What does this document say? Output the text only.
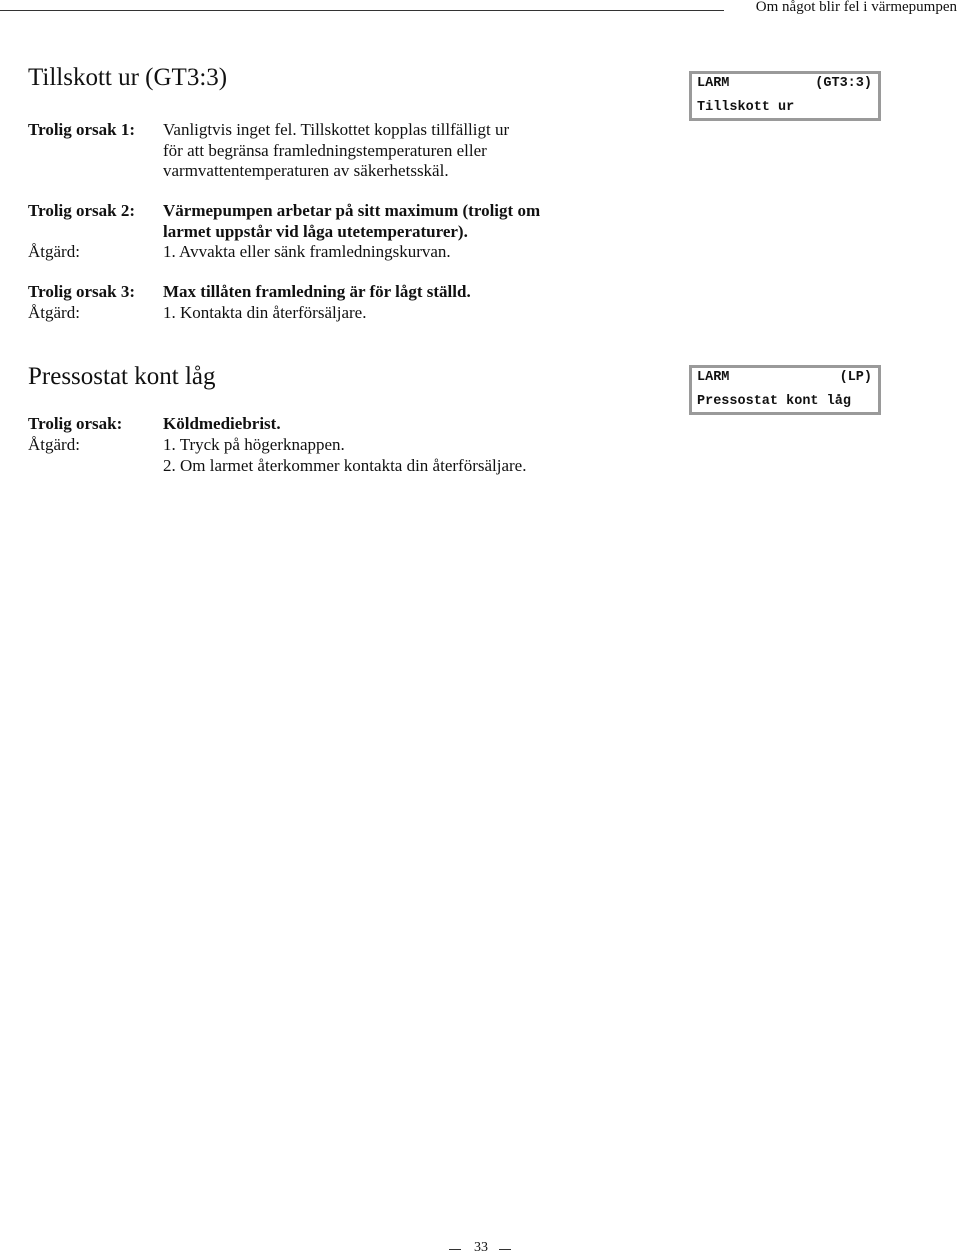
Om något blir fel i värmepumpen
Tillskott ur (GT3:3)	LARM	(GT3:3)
Tillskott ur
Trolig orsak 1: Vanligtvis inget fel. Tillskottet kopplas tillfälligt ur
för att begränsa framledningstemperaturen eller
varmvattentemperaturen av säkerhetsskäl.
Trolig orsak 2: Värmepumpen arbetar på sitt maximum (troligt om
larmet uppstår vid låga utetemperaturer).
Åtgärd:	1. Avvakta eller sänk framledningskurvan.
Trolig orsak 3: Max tillåten framledning är för lågt ställd.
Åtgärd:	1. Kontakta din återförsäljare.
Pressostat kont låg	LARM	(LP)
Pressostat kont låg
Trolig orsak: Köldmediebrist.
Åtgärd:	1. Tryck på högerknappen.
2. Om larmet återkommer kontakta din återförsäljare.
33
